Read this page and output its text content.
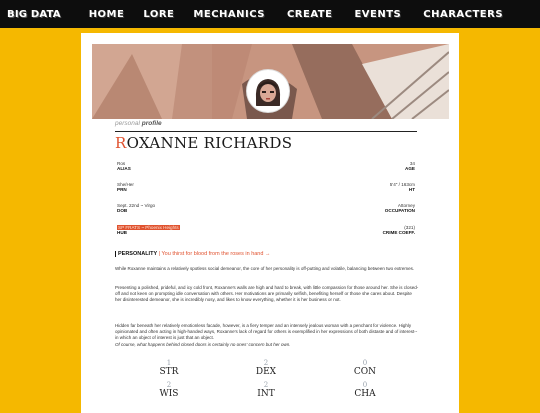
BIG DATA	HOME LORE MECHANICS CREATE EVENTS CHARACTERS
personal profile
ROXANNE RICHARDS
Ros
ALIAS
34
AGE
She/Her
PRN
5'4" / 163cm
HT
Sept. 22nd ~ Virgo
DOB
Attorney
OCCUPATION
SP FRATS ~ Phoenix Heights
HUB
(321)
CRIME COEFF.
PERSONALITY | You thirst for blood from the roses in hand →
While Roxanne maintains a relatively spotless social demeanor, the core of her personality is off-putting and volatile, balancing between two extremes.
Presenting a polished, prideful, and icy cold front, Roxanne's walls are high and hard to break, with little compassion for those around her. She is closed-off and not keen on prompting idle conversation with others. Her motivations are primarily selfish, benefiting herself or those she cares about. Despite her disinterested demeanor, she is incredibly nosy, and likes to know everything, whether it is her business or not.
Hidden far beneath her relatively emotionless facade, however, is a fiery temper and an intensely jealous woman with a penchant for violence. Highly opinionated and often acting in high-handed ways, Roxanne's lack of regard for others is exemplified in her expressions of both distaste and of interest--in which an object of interest is just that an object.
Of course, what happens behind closed doors is certainly no ones' concern but her own.
1
STR
2
DEX
0
CON
2
WIS
2
INT
0
CHA
